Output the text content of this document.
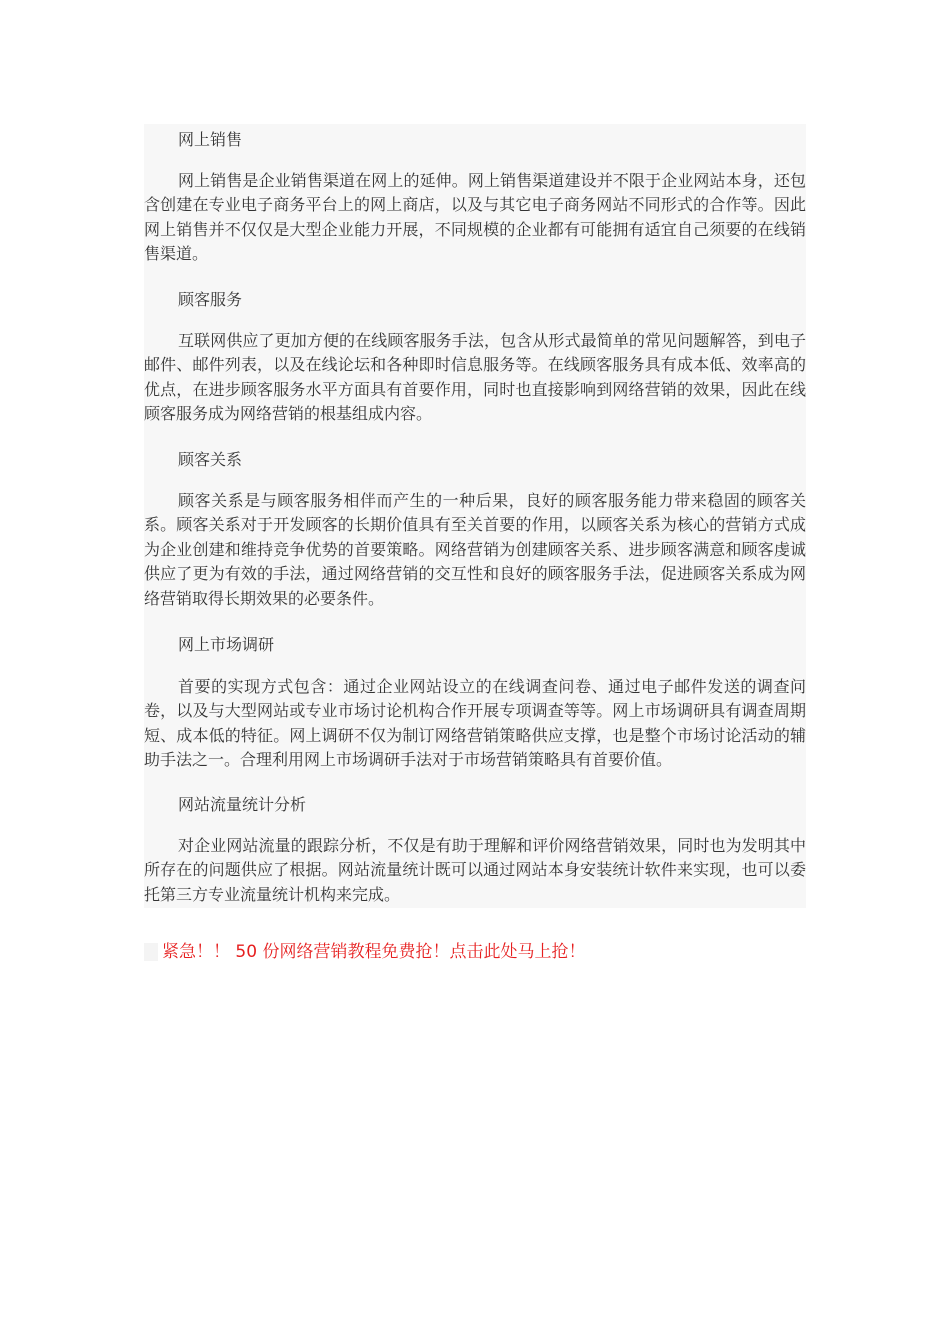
网上销售
网上销售是企业销售渠道在网上的延伸。网上销售渠道建设并不限于企业网站本身，还包含创建在专业电子商务平台上的网上商店，以及与其它电子商务网站不同形式的合作等。因此网上销售并不仅仅是大型企业能力开展，不同规模的企业都有可能拥有适宜自己须要的在线销售渠道。
顾客服务
互联网供应了更加方便的在线顾客服务手法，包含从形式最简单的常见问题解答，到电子邮件、邮件列表，以及在线论坛和各种即时信息服务等。在线顾客服务具有成本低、效率高的优点，在进步顾客服务水平方面具有首要作用，同时也直接影响到网络营销的效果，因此在线顾客服务成为网络营销的根基组成内容。
顾客关系
顾客关系是与顾客服务相伴而产生的一种后果，良好的顾客服务能力带来稳固的顾客关系。顾客关系对于开发顾客的长期价值具有至关首要的作用，以顾客关系为核心的营销方式成为企业创建和维持竞争优势的首要策略。网络营销为创建顾客关系、进步顾客满意和顾客虔诚供应了更为有效的手法，通过网络营销的交互性和良好的顾客服务手法，促进顾客关系成为网络营销取得长期效果的必要条件。
网上市场调研
首要的实现方式包含：通过企业网站设立的在线调查问卷、通过电子邮件发送的调查问卷，以及与大型网站或专业市场讨论机构合作开展专项调查等等。网上市场调研具有调查周期短、成本低的特征。网上调研不仅为制订网络营销策略供应支撑，也是整个市场讨论活动的辅助手法之一。合理利用网上市场调研手法对于市场营销策略具有首要价值。
网站流量统计分析
对企业网站流量的跟踪分析，不仅是有助于理解和评价网络营销效果，同时也为发明其中所存在的问题供应了根据。网站流量统计既可以通过网站本身安装统计软件来实现，也可以委托第三方专业流量统计机构来完成。
紧急！！ 50 份网络营销教程免费抢！点击此处马上抢！
